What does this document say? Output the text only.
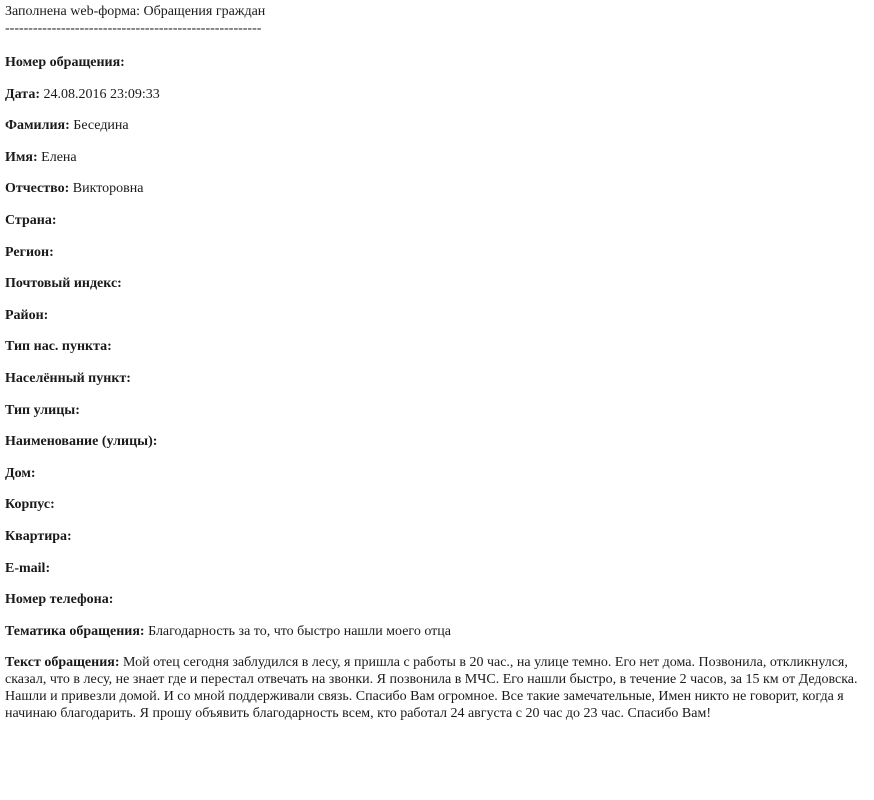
Заполнена web-форма: Обращения граждан
-------------------------------------------------------
Номер обращения:
Дата: 24.08.2016 23:09:33
Фамилия: Беседина
Имя: Елена
Отчество: Викторовна
Страна:
Регион:
Почтовый индекс:
Район:
Тип нас. пункта:
Населённый пункт:
Тип улицы:
Наименование (улицы):
Дом:
Корпус:
Квартира:
E-mail:
Номер телефона:
Тематика обращения: Благодарность за то, что быстро нашли моего отца
Текст обращения: Мой отец сегодня заблудился в лесу, я пришла с работы в 20 час., на улице темно. Его нет дома. Позвонила, откликнулся, сказал, что в лесу, не знает где и перестал отвечать на звонки. Я позвонила в МЧС. Его нашли быстро, в течение 2 часов, за 15 км от Дедовска. Нашли и привезли домой. И со мной поддерживали связь. Спасибо Вам огромное. Все такие замечательные, Имен никто не говорит, когда я начинаю благодарить. Я прошу объявить благодарность всем, кто работал 24 августа с 20 час до 23 час. Спасибо Вам!
